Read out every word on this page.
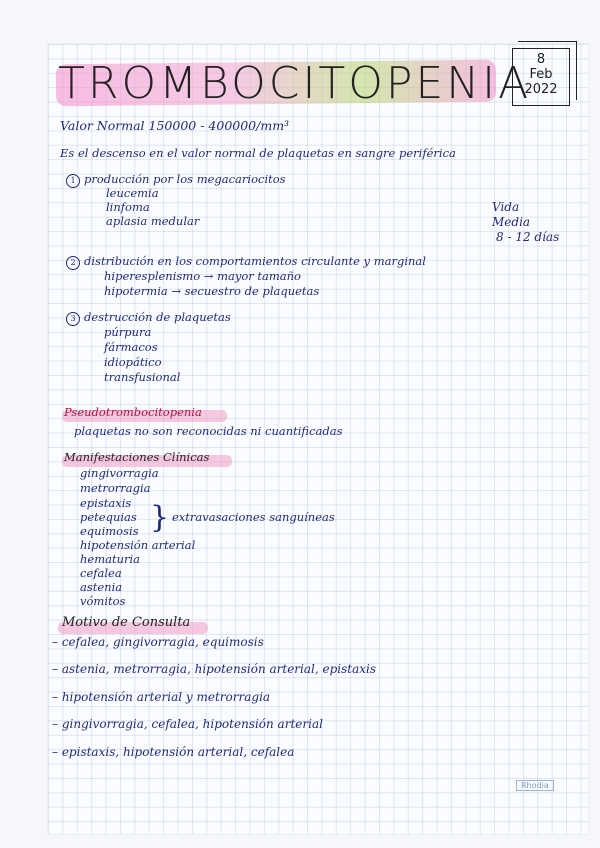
TROMBOCITOPENIA 8
Feb
2022
Valor Normal 150000 - 400000/mm³
Es el descenso en el valor normal de plaquetas en sangre periférica
1 producción por los megacariocitos
leucemia
linfoma
aplasia medular
Vida
Media
8 - 12 días
2 distribución en los comportamientos circulante y marginal
hiperesplenismo → mayor tamaño
hipotermia → secuestro de plaquetas
3 destrucción de plaquetas
púrpura
fármacos
idiopático
transfusional
Pseudotrombocitopenia
plaquetas no son reconocidas ni cuantificadas
Manifestaciones Clínicas
gingivorragia
metrorragia
epistaxis
petequias
equimosis } extravasaciones sanguíneas
hipotensión arterial
hematuria
cefalea
astenia
vómitos
Motivo de Consulta
– cefalea, gingivorragia, equimosis
– astenia, metrorragia, hipotensión arterial, epistaxis
– hipotensión arterial y metrorragia
– gingivorragia, cefalea, hipotensión arterial
– epistaxis, hipotensión arterial, cefalea
Rhodia
